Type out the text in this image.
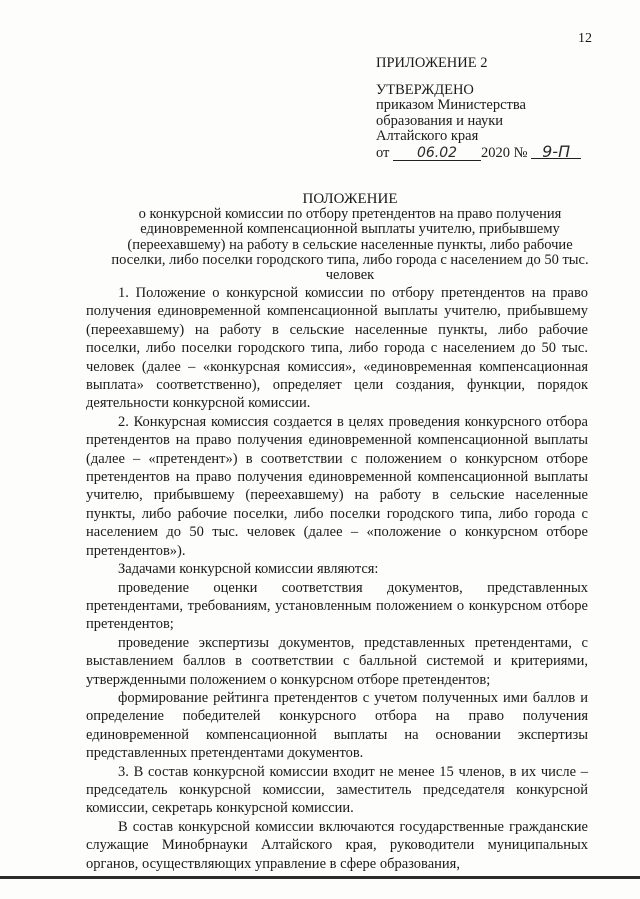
12
ПРИЛОЖЕНИЕ 2
УТВЕРЖДЕНО
приказом Министерства
образования и науки
Алтайского края
от 06.02 2020 № 9-П
ПОЛОЖЕНИЕ
о конкурсной комиссии по отбору претендентов на право получения единовременной компенсационной выплаты учителю, прибывшему (переехавшему) на работу в сельские населенные пункты, либо рабочие поселки, либо поселки городского типа, либо города с населением до 50 тыс. человек

1. Положение о конкурсной комиссии по отбору претендентов на право получения единовременной компенсационной выплаты учителю, прибывшему (переехавшему) на работу в сельские населенные пункты, либо рабочие поселки, либо поселки городского типа, либо города с населением до 50 тыс. человек (далее – «конкурсная комиссия», «единовременная компенсационная выплата» соответственно), определяет цели создания, функции, порядок деятельности конкурсной комиссии.

2. Конкурсная комиссия создается в целях проведения конкурсного отбора претендентов на право получения единовременной компенсационной выплаты (далее – «претендент») в соответствии с положением о конкурсном отборе претендентов на право получения единовременной компенсационной выплаты учителю, прибывшему (переехавшему) на работу в сельские населенные пункты, либо рабочие поселки, либо поселки городского типа, либо города с населением до 50 тыс. человек (далее – «положение о конкурсном отборе претендентов»).

Задачами конкурсной комиссии являются:

проведение оценки соответствия документов, представленных претендентами, требованиям, установленным положением о конкурсном отборе претендентов;

проведение экспертизы документов, представленных претендентами, с выставлением баллов в соответствии с балльной системой и критериями, утвержденными положением о конкурсном отборе претендентов;

формирование рейтинга претендентов с учетом полученных ими баллов и определение победителей конкурсного отбора на право получения единовременной компенсационной выплаты на основании экспертизы представленных претендентами документов.

3. В состав конкурсной комиссии входит не менее 15 членов, в их числе – председатель конкурсной комиссии, заместитель председателя конкурсной комиссии, секретарь конкурсной комиссии.

В состав конкурсной комиссии включаются государственные гражданские служащие Минобрнауки Алтайского края, руководители муниципальных органов, осуществляющих управление в сфере образования,
